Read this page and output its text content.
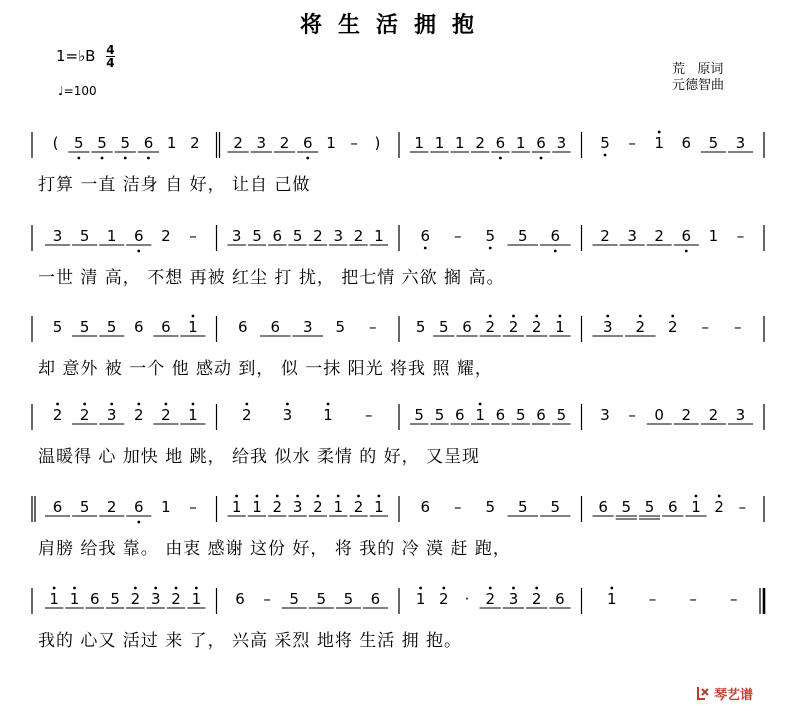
将生活拥抱
1=♭B $\frac{4}{4}$
♩=100
荒   原词
元德智曲
( 5 5 5 6 1 2 2 3 2 6 1 – ) 1 1 1 2 6 1 6 3 5 – 1 6 5 3
打算 一直 洁身 自 好， 让自 己做
3 5 1 6 2 – 3 5 6 5 2 3 2 1 6 – 5 5 6	2 3 2 6 1 –
一世 清 高， 不想 再被 红尘 打 扰， 把七情 六欲 搁 高。
5 5 5 6 6 1	6 6 3 5 –	5 5 6 2 2 2 1	3 2 2 – –
却 意外 被 一个 他 感动 到， 似 一抹 阳光 将我 照 耀，
2 2 3 2 2 1	2 3 1 –	5 5 6 1 6 5 6 5 3 – 0 2 2 3
温暖得 心 加快 地 跳， 给我 似水 柔情 的 好， 又呈现
6 5 2 6 1 – 1 1 2 3 2 1 2 1 6 – 5 5 5	6 5 5 6 1 2 –
肩膀 给我 靠。 由衷 感谢 这份 好， 将 我的 冷 漠 赶 跑，
1 1 6 5 2 3 2 1 6 – 5 5 5 6 1 2 · 2 3 2 6	1 – – –
我的 心又 活过 来 了， 兴高 采烈 地将 生活 拥 抱。
琴艺谱
